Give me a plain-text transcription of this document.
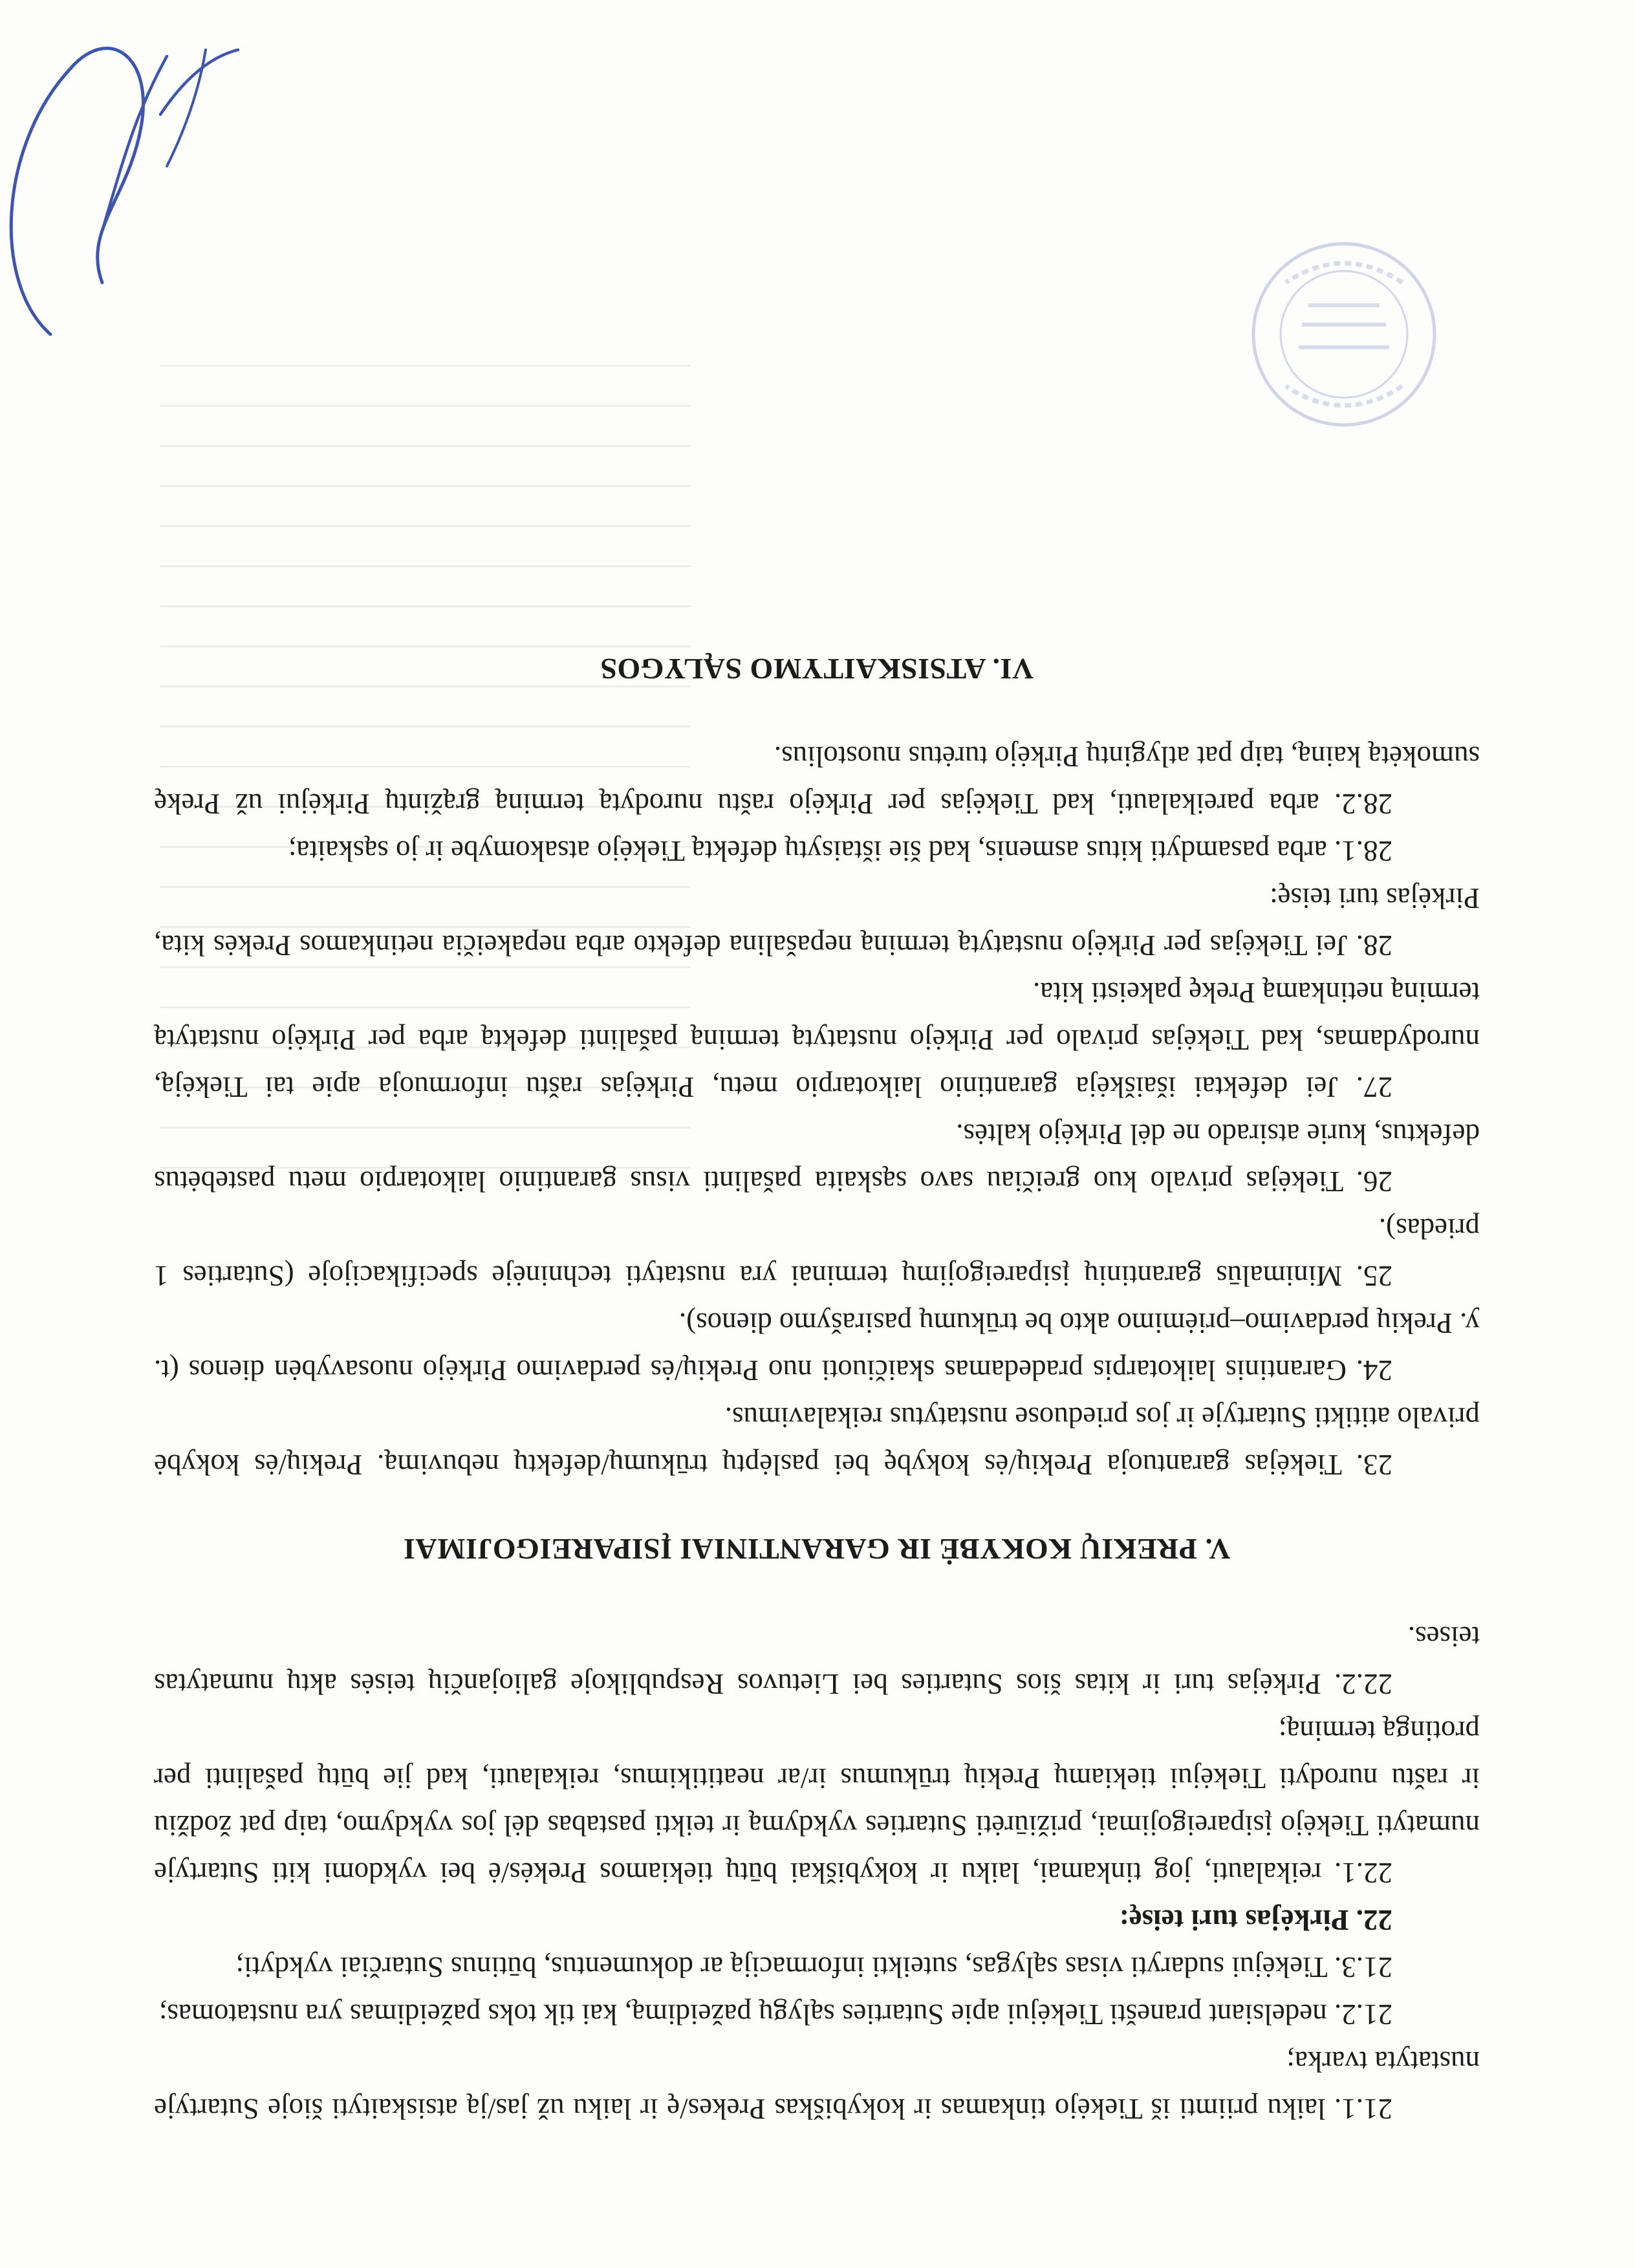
21.1. laiku priimti iš Tiekėjo tinkamas ir kokybiškas Prekes/ę ir laiku už jas/ją atsiskaityti šioje Sutartyje nustatyta tvarka;

21.2. nedelsiant pranešti Tiekėjui apie Sutarties sąlygų pažeidimą, kai tik toks pažeidimas yra nustatomas;

21.3. Tiekėjui sudaryti visas sąlygas, suteikti informaciją ar dokumentus, būtinus Sutarčiai vykdyti;

22. Pirkėjas turi teisę:

22.1. reikalauti, jog tinkamai, laiku ir kokybiškai būtų tiekiamos Prekės/ė bei vykdomi kiti Sutartyje numatyti Tiekėjo įsipareigojimai, prižiūrėti Sutarties vykdymą ir teikti pastabas dėl jos vykdymo, taip pat žodžiu ir raštu nurodyti Tiekėjui tiekiamų Prekių trūkumus ir/ar neatitikimus, reikalauti, kad jie būtų pašalinti per protingą terminą;

22.2. Pirkėjas turi ir kitas šios Sutarties bei Lietuvos Respublikoje galiojančių teisės aktų numatytas teises.

V. PREKIŲ KOKYBĖ IR GARANTINIAI ĮSIPAREIGOJIMAI

23. Tiekėjas garantuoja Prekių/ės kokybę bei paslėptų trūkumų/defektų nebuvimą. Prekių/ės kokybė privalo atitikti Sutartyje ir jos prieduose nustatytus reikalavimus.

24. Garantinis laikotarpis pradedamas skaičiuoti nuo Prekių/ės perdavimo Pirkėjo nuosavybėn dienos (t. y. Prekių perdavimo–priėmimo akto be trūkumų pasirašymo dienos).

25. Minimalūs garantinių įsipareigojimų terminai yra nustatyti techninėje specifikacijoje (Sutarties 1 priedas).

26. Tiekėjas privalo kuo greičiau savo sąskaita pašalinti visus garantinio laikotarpio metu pastebėtus defektus, kurie atsirado ne dėl Pirkėjo kaltės.

27. Jei defektai išaiškėja garantinio laikotarpio metu, Pirkėjas raštu informuoja apie tai Tiekėją, nurodydamas, kad Tiekėjas privalo per Pirkėjo nustatytą terminą pašalinti defektą arba per Pirkėjo nustatytą terminą netinkamą Prekę pakeisti kita.

28. Jei Tiekėjas per Pirkėjo nustatytą terminą nepašalina defekto arba nepakeičia netinkamos Prekės kita, Pirkėjas turi teisę:

28.1. arba pasamdyti kitus asmenis, kad šie ištaisytų defektą Tiekėjo atsakomybe ir jo sąskaita;

28.2. arba pareikalauti, kad Tiekėjas per Pirkėjo raštu nurodytą terminą grąžintų Pirkėjui už Prekę sumokėtą kainą, taip pat atlygintų Pirkėjo turėtus nuostolius.

VI. ATSISKAITYMO SĄLYGOS
